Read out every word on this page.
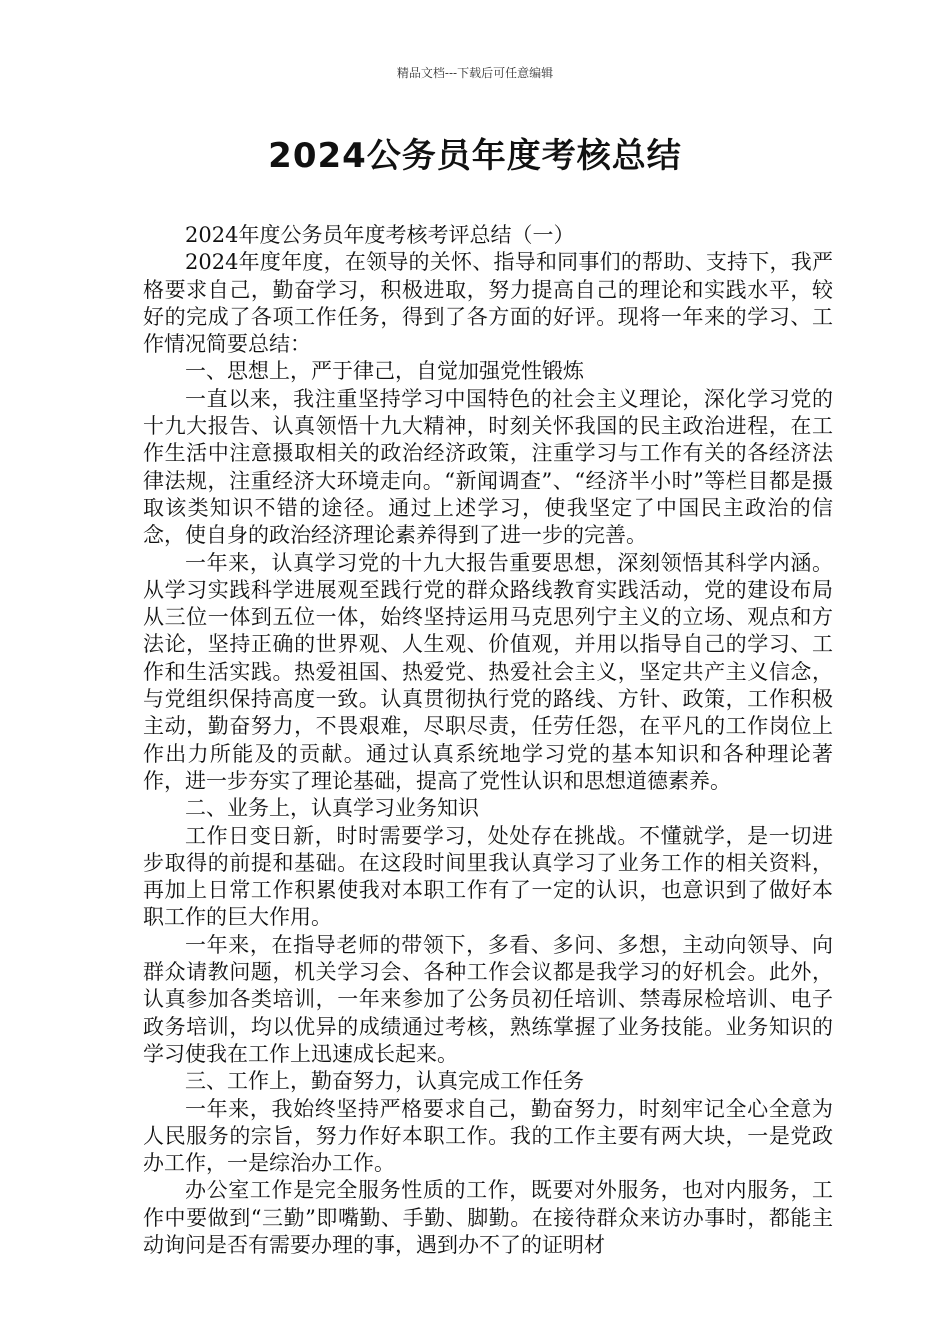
精品文档---下载后可任意编辑
2024公务员年度考核总结

2024年度公务员年度考核考评总结（一）

2024年度年度，在领导的关怀、指导和同事们的帮助、支持下，我严格要求自己，勤奋学习，积极进取，努力提高自己的理论和实践水平，较好的完成了各项工作任务，得到了各方面的好评。现将一年来的学习、工作情况简要总结：

一、思想上，严于律己，自觉加强党性锻炼

一直以来，我注重坚持学习中国特色的社会主义理论，深化学习党的十九大报告、认真领悟十九大精神，时刻关怀我国的民主政治进程，在工作生活中注意摄取相关的政治经济政策，注重学习与工作有关的各经济法律法规，注重经济大环境走向。“新闻调查”、“经济半小时”等栏目都是摄取该类知识不错的途径。通过上述学习，使我坚定了中国民主政治的信念，使自身的政治经济理论素养得到了进一步的完善。

一年来，认真学习党的十九大报告重要思想，深刻领悟其科学内涵。从学习实践科学进展观至践行党的群众路线教育实践活动，党的建设布局从三位一体到五位一体，始终坚持运用马克思列宁主义的立场、观点和方法论，坚持正确的世界观、人生观、价值观，并用以指导自己的学习、工作和生活实践。热爱祖国、热爱党、热爱社会主义，坚定共产主义信念，与党组织保持高度一致。认真贯彻执行党的路线、方针、政策，工作积极主动，勤奋努力，不畏艰难，尽职尽责，任劳任怨，在平凡的工作岗位上作出力所能及的贡献。通过认真系统地学习党的基本知识和各种理论著作，进一步夯实了理论基础，提高了党性认识和思想道德素养。

二、业务上，认真学习业务知识

工作日变日新，时时需要学习，处处存在挑战。不懂就学，是一切进步取得的前提和基础。在这段时间里我认真学习了业务工作的相关资料，再加上日常工作积累使我对本职工作有了一定的认识，也意识到了做好本职工作的巨大作用。

一年来，在指导老师的带领下，多看、多问、多想，主动向领导、向群众请教问题，机关学习会、各种工作会议都是我学习的好机会。此外，认真参加各类培训，一年来参加了公务员初任培训、禁毒尿检培训、电子政务培训，均以优异的成绩通过考核，熟练掌握了业务技能。业务知识的学习使我在工作上迅速成长起来。

三、工作上，勤奋努力，认真完成工作任务

一年来，我始终坚持严格要求自己，勤奋努力，时刻牢记全心全意为人民服务的宗旨，努力作好本职工作。我的工作主要有两大块，一是党政办工作，一是综治办工作。

办公室工作是完全服务性质的工作，既要对外服务，也对内服务，工作中要做到“三勤”即嘴勤、手勤、脚勤。在接待群众来访办事时，都能主动询问是否有需要办理的事，遇到办不了的证明材
